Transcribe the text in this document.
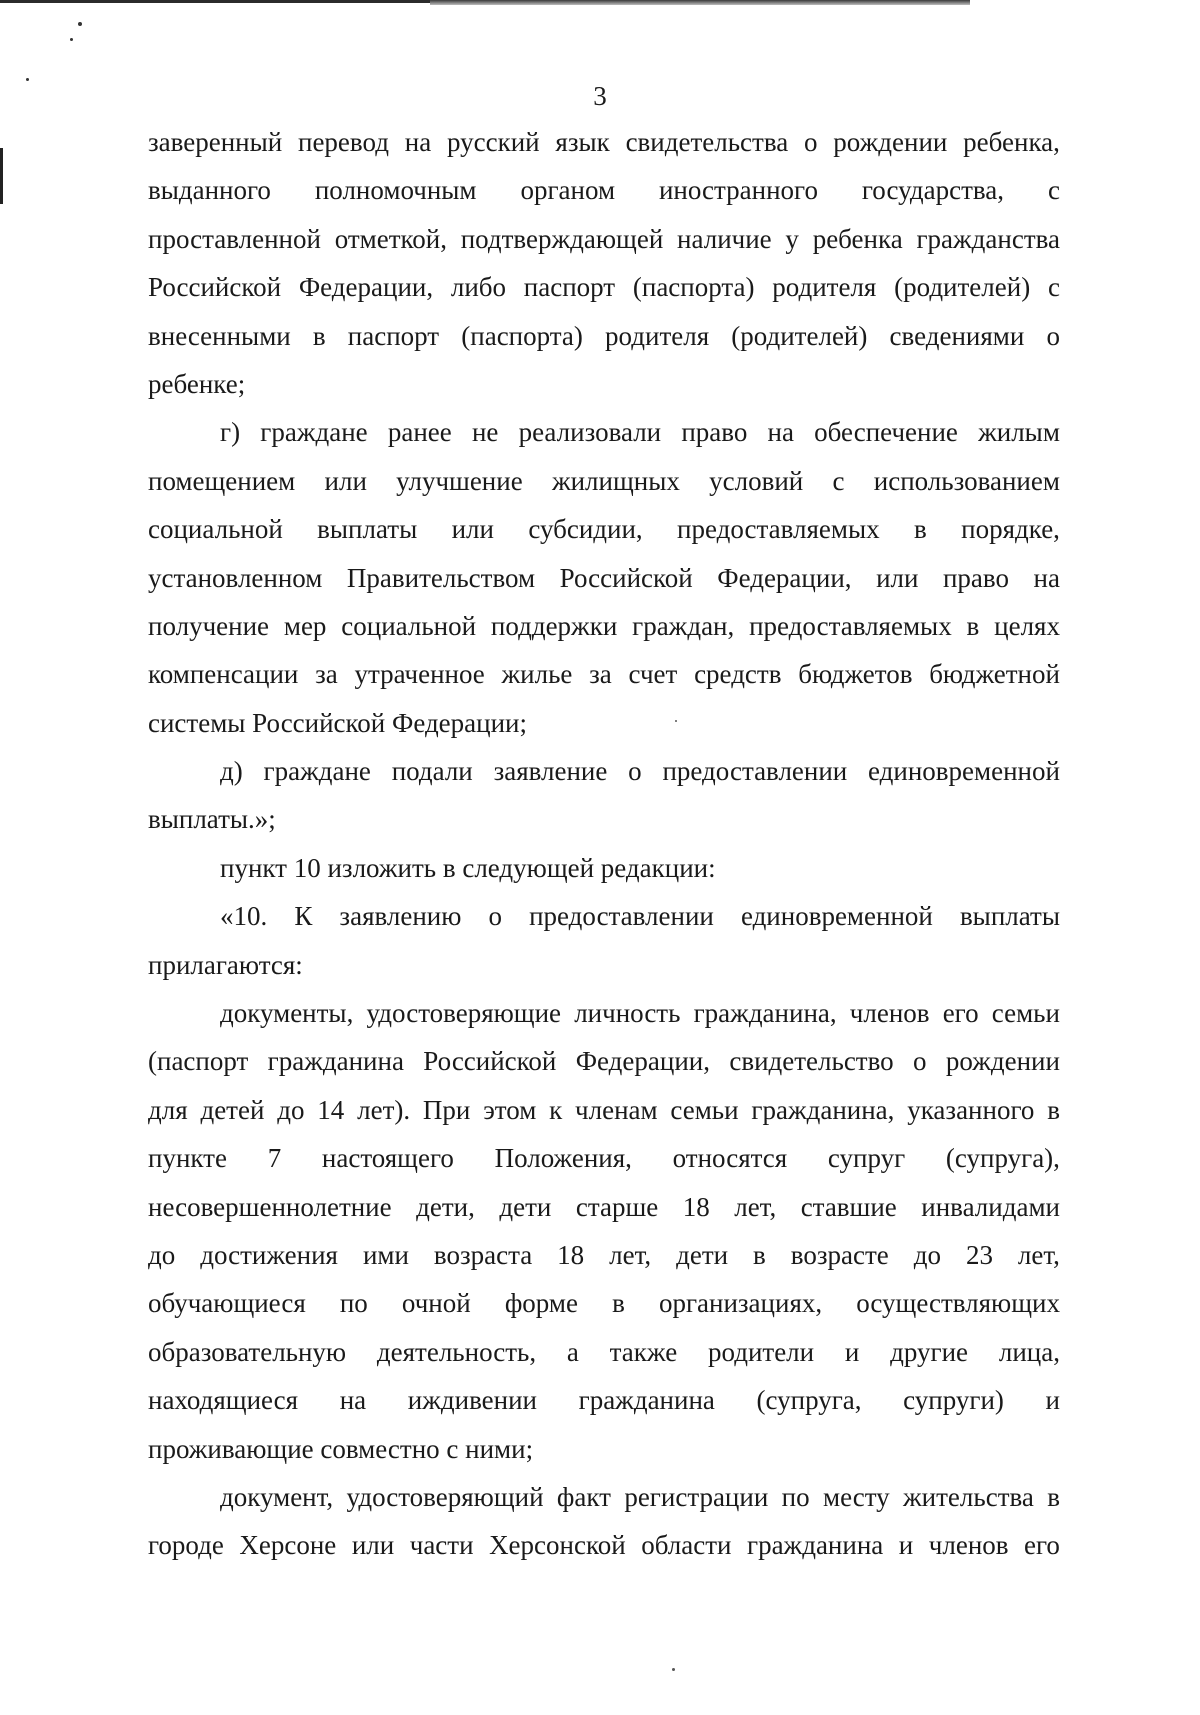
3
заверенный перевод на русский язык свидетельства о рождении ребенка,
выданного полномочным органом иностранного государства, с
проставленной отметкой, подтверждающей наличие у ребенка гражданства
Российской Федерации, либо паспорт (паспорта) родителя (родителей) с
внесенными в паспорт (паспорта) родителя (родителей) сведениями о
ребенке;
г) граждане ранее не реализовали право на обеспечение жилым
помещением или улучшение жилищных условий с использованием
социальной выплаты или субсидии, предоставляемых в порядке,
установленном Правительством Российской Федерации, или право на
получение мер социальной поддержки граждан, предоставляемых в целях
компенсации за утраченное жилье за счет средств бюджетов бюджетной
системы Российской Федерации;
д) граждане подали заявление о предоставлении единовременной
выплаты.»;
пункт 10 изложить в следующей редакции:
«10. К заявлению о предоставлении единовременной выплаты
прилагаются:
документы, удостоверяющие личность гражданина, членов его семьи
(паспорт гражданина Российской Федерации, свидетельство о рождении
для детей до 14 лет). При этом к членам семьи гражданина, указанного в
пункте 7 настоящего Положения, относятся супруг (супруга),
несовершеннолетние дети, дети старше 18 лет, ставшие инвалидами
до достижения ими возраста 18 лет, дети в возрасте до 23 лет,
обучающиеся по очной форме в организациях, осуществляющих
образовательную деятельность, а также родители и другие лица,
находящиеся на иждивении гражданина (супруга, супруги) и
проживающие совместно с ними;
документ, удостоверяющий факт регистрации по месту жительства в
городе Херсоне или части Херсонской области гражданина и членов его
